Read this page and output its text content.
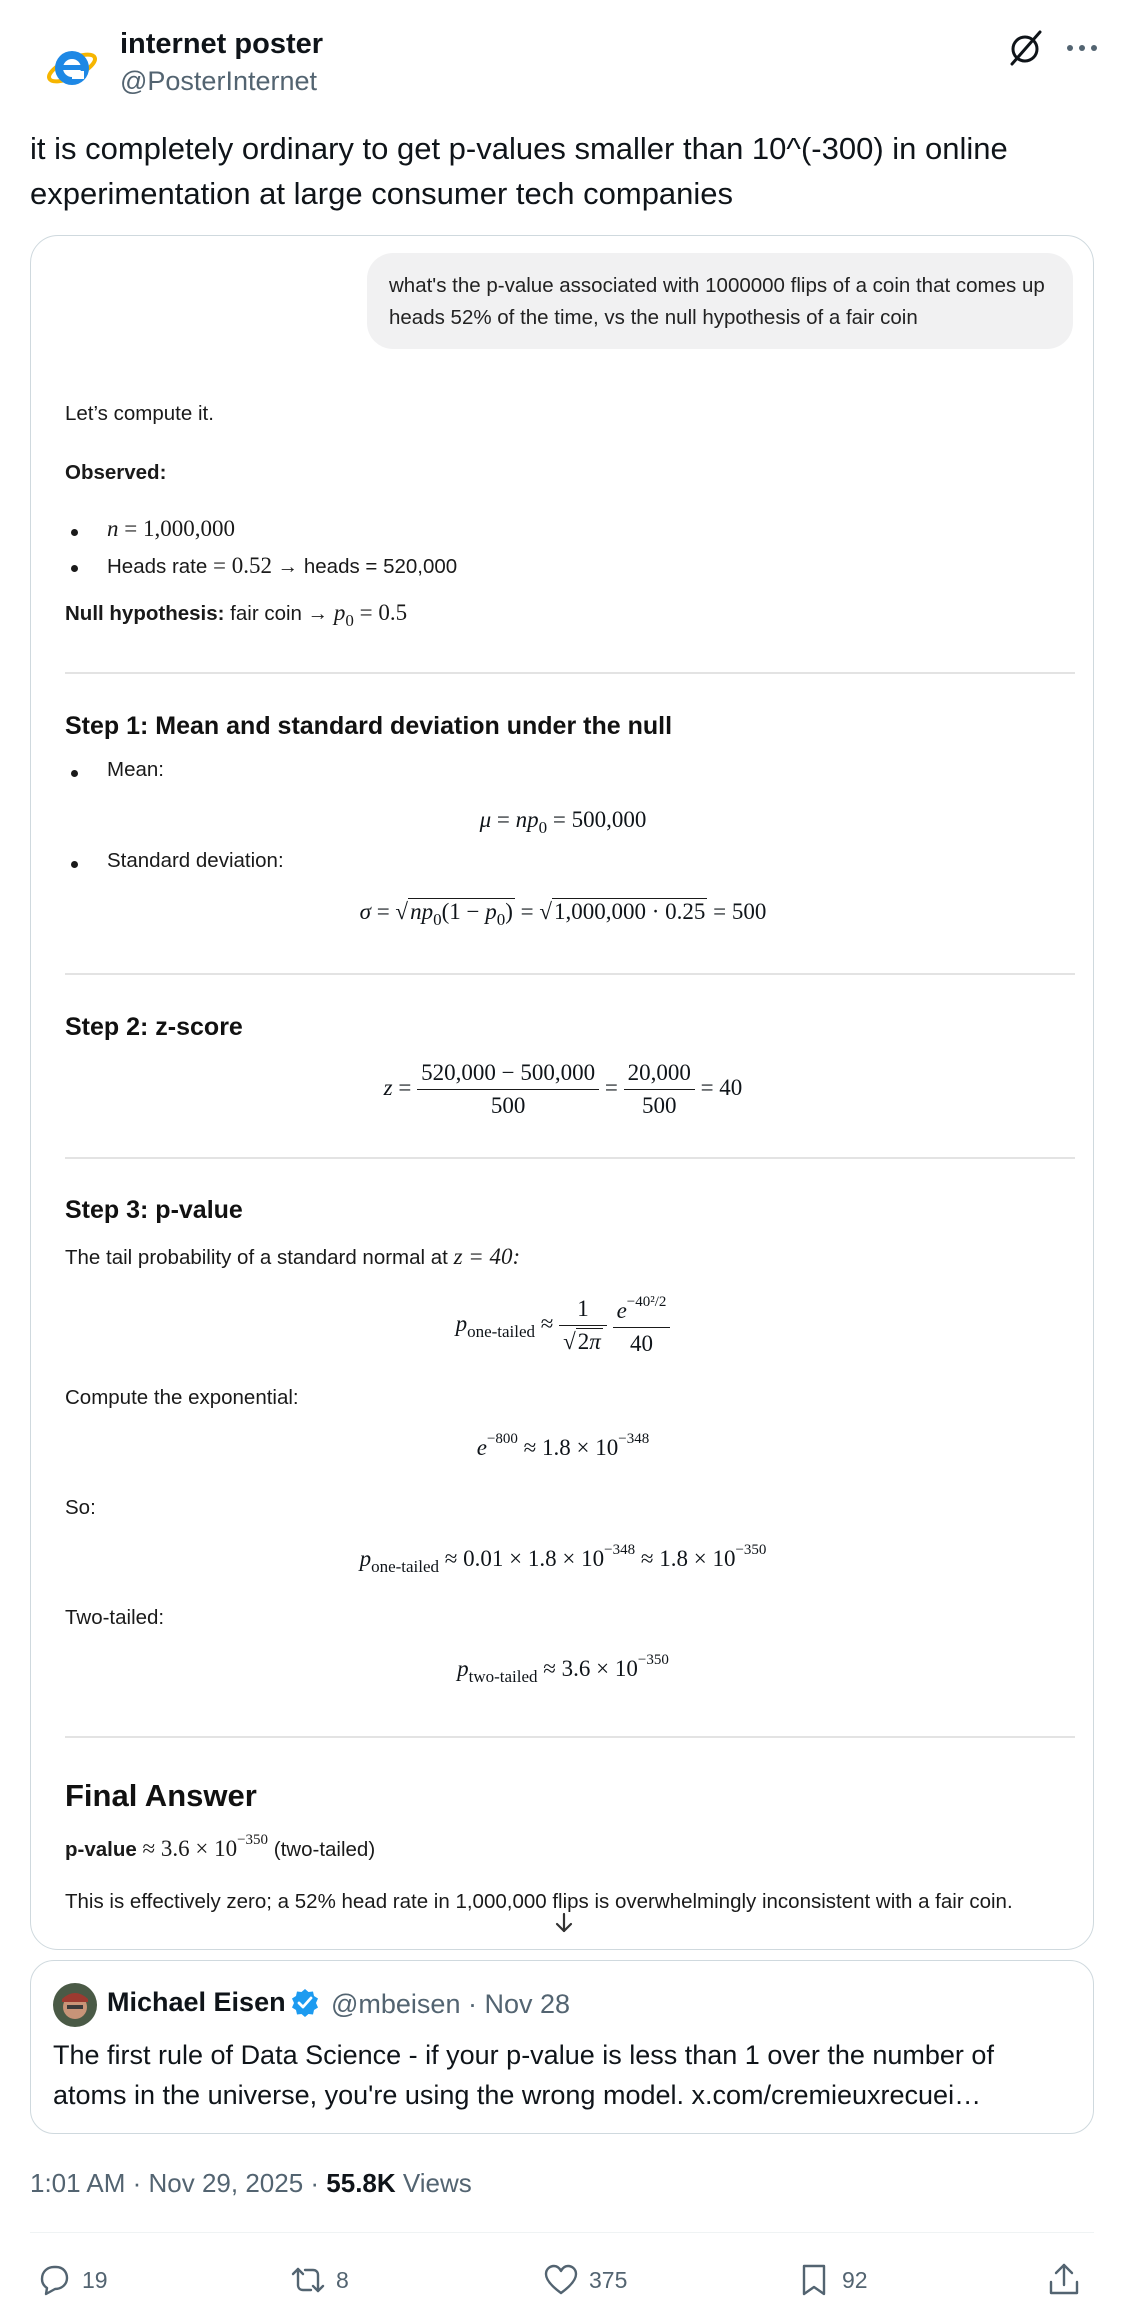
internet poster
@PosterInternet
it is completely ordinary to get p-values smaller than 10^(-300) in online experimentation at large consumer tech companies
what's the p-value associated with 1000000 flips of a coin that comes up heads 52% of the time, vs the null hypothesis of a fair coin
Let’s compute it.
Observed:
n = 1,000,000
Heads rate = 0.52 → heads = 520,000
Null hypothesis: fair coin → $p_0 = 0.5$
Step 1: Mean and standard deviation under the null
Mean:
$\mu = np_0 = 500,000$
Standard deviation:
$\sigma = √np_0(1 - p_0) = √1,000,000 \cdot 0.25 = 500$
Step 2: z-score
$z = \frac{520,000 - 500,000}{500} = \frac{20,000}{500} = 40$
Step 3: p-value
The tail probability of a standard normal at z = 40:
$p_{one-tailed} \approx \frac{1}{√2\pi}$
$\frac{e^{-40^2/2}}{40}$
Compute the exponential:
$e^{-800} \approx 1.8 \times 10^{-348}$
So:
$p_{one-tailed} \approx 0.01 \times 1.8 \times 10^{-348} \approx 1.8 \times 10^{-350}$
Two-tailed:
$p_{two-tailed} \approx 3.6 \times 10^{-350}$
Final Answer
p-value ≈ $3.6 \times 10^{-350}$ (two-tailed)
This is effectively zero; a 52% head rate in 1,000,000 flips is overwhelmingly inconsistent with a fair coin.
Michael Eisen @mbeisen · Nov 28
The first rule of Data Science - if your p-value is less than 1 over the number of atoms in the universe, you're using the wrong model. x.com/cremieuxrecuei…
1:01 AM · Nov 29, 2025 · 55.8K Views
19	8	375	92
